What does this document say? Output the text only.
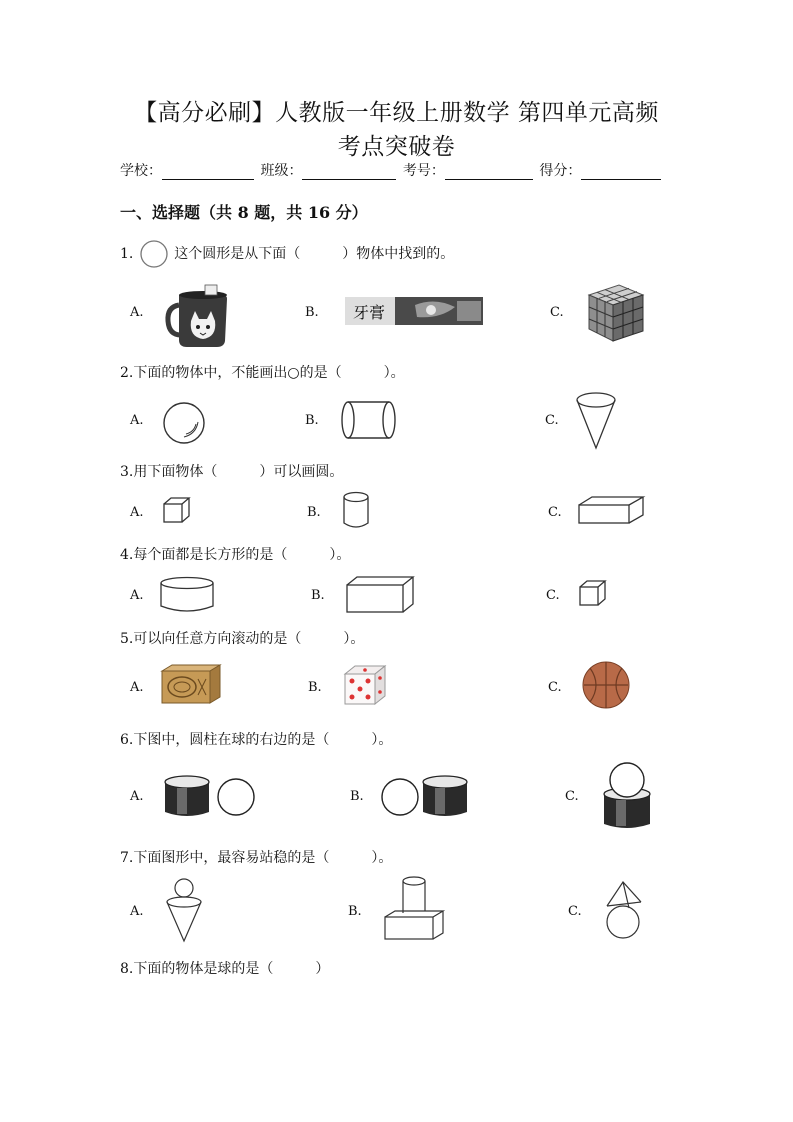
【高分必刷】人教版一年级上册数学 第四单元高频
考点突破卷
学校：	班级：	考号：	得分：
一、选择题（共 8 题，共 16 分）
1.	这个圆形是从下面（　　　）物体中找到的。
A.	B. 牙膏	C.
2.下面的物体中，不能画出○的是（　　　）。
A.	B.	C.
3.用下面物体（　　　）可以画圆。
A.	B.	C.
4.每个面都是长方形的是（　　　）。
A.	B.	C.
5.可以向任意方向滚动的是（　　　）。
A.	B.	C.
6.下图中，圆柱在球的右边的是（　　　）。
A.	B.	C.
7.下面图形中，最容易站稳的是（　　　）。
A.	B.	C.
8.下面的物体是球的是（　　　）
